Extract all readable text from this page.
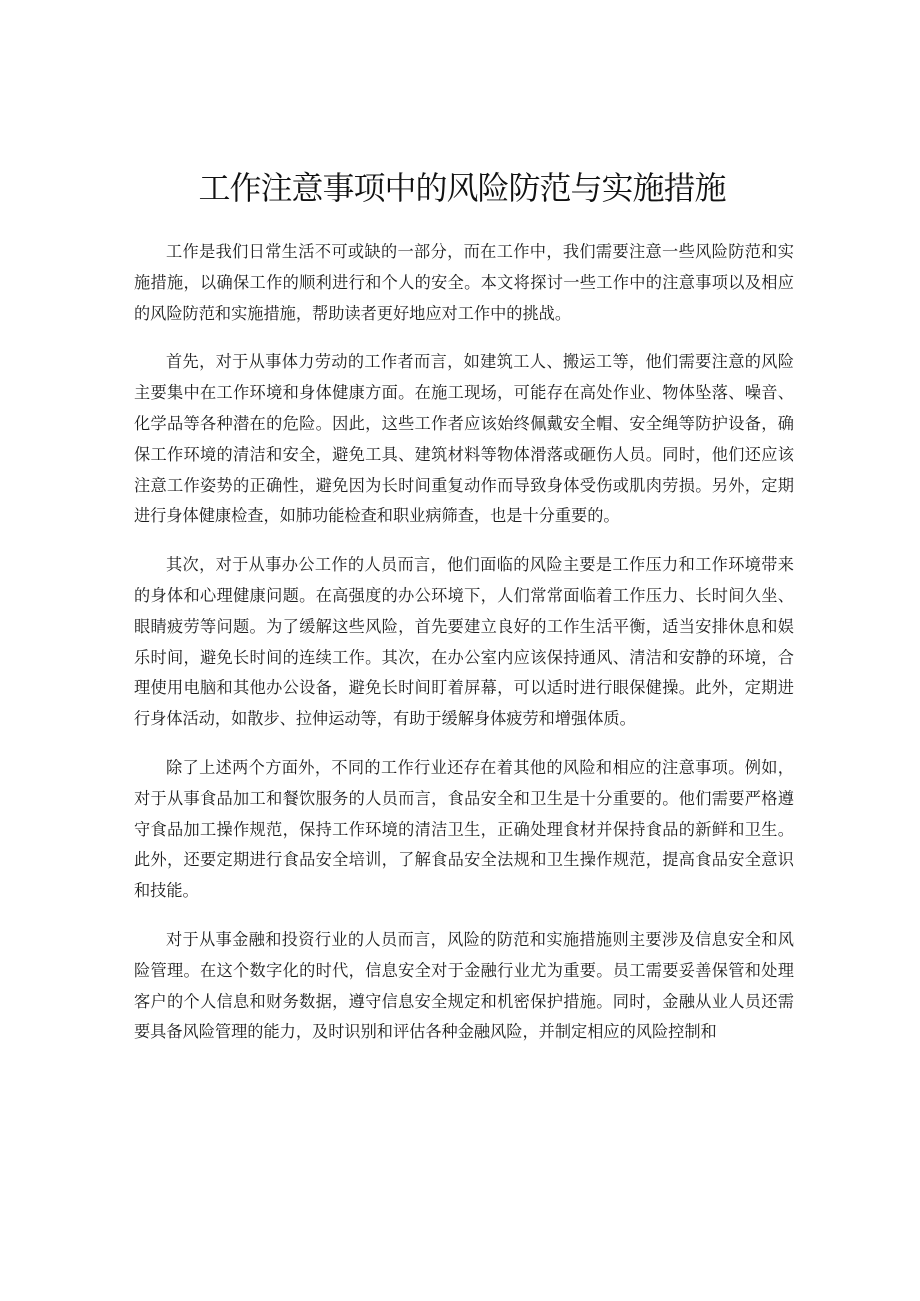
工作注意事项中的风险防范与实施措施

工作是我们日常生活不可或缺的一部分，而在工作中，我们需要注意一些风险防范和实施措施，以确保工作的顺利进行和个人的安全。本文将探讨一些工作中的注意事项以及相应的风险防范和实施措施，帮助读者更好地应对工作中的挑战。

首先，对于从事体力劳动的工作者而言，如建筑工人、搬运工等，他们需要注意的风险主要集中在工作环境和身体健康方面。在施工现场，可能存在高处作业、物体坠落、噪音、化学品等各种潜在的危险。因此，这些工作者应该始终佩戴安全帽、安全绳等防护设备，确保工作环境的清洁和安全，避免工具、建筑材料等物体滑落或砸伤人员。同时，他们还应该注意工作姿势的正确性，避免因为长时间重复动作而导致身体受伤或肌肉劳损。另外，定期进行身体健康检查，如肺功能检查和职业病筛查，也是十分重要的。

其次，对于从事办公工作的人员而言，他们面临的风险主要是工作压力和工作环境带来的身体和心理健康问题。在高强度的办公环境下，人们常常面临着工作压力、长时间久坐、眼睛疲劳等问题。为了缓解这些风险，首先要建立良好的工作生活平衡，适当安排休息和娱乐时间，避免长时间的连续工作。其次，在办公室内应该保持通风、清洁和安静的环境，合理使用电脑和其他办公设备，避免长时间盯着屏幕，可以适时进行眼保健操。此外，定期进行身体活动，如散步、拉伸运动等，有助于缓解身体疲劳和增强体质。

除了上述两个方面外，不同的工作行业还存在着其他的风险和相应的注意事项。例如，对于从事食品加工和餐饮服务的人员而言，食品安全和卫生是十分重要的。他们需要严格遵守食品加工操作规范，保持工作环境的清洁卫生，正确处理食材并保持食品的新鲜和卫生。此外，还要定期进行食品安全培训，了解食品安全法规和卫生操作规范，提高食品安全意识和技能。

对于从事金融和投资行业的人员而言，风险的防范和实施措施则主要涉及信息安全和风险管理。在这个数字化的时代，信息安全对于金融行业尤为重要。员工需要妥善保管和处理客户的个人信息和财务数据，遵守信息安全规定和机密保护措施。同时，金融从业人员还需要具备风险管理的能力，及时识别和评估各种金融风险，并制定相应的风险控制和
